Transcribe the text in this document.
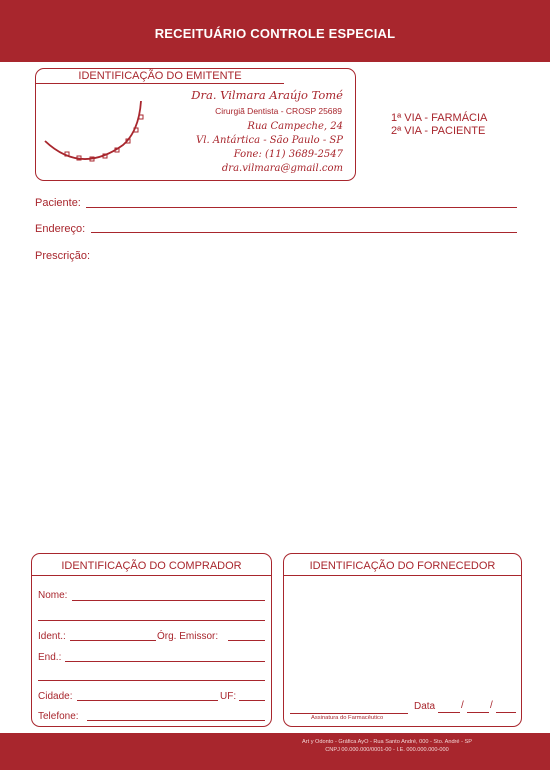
RECEITUÁRIO CONTROLE ESPECIAL
IDENTIFICAÇÃO DO EMITENTE
Dra. Vilmara Araújo Tomé
Cirurgiã Dentista - CROSP 25689
Rua Campeche, 24
Vl. Antártica - São Paulo - SP
Fone: (11) 3689-2547
dra.vilmara@gmail.com
1ª VIA - FARMÁCIA
2ª VIA - PACIENTE
Paciente:
Endereço:
Prescrição:
IDENTIFICAÇÃO DO COMPRADOR
Nome:
Ident.:	Órg. Emissor:
End.:
Cidade:	UF:
Telefone:
IDENTIFICAÇÃO DO FORNECEDOR
Assinatura do Farmacêutico
Data	/	/
Art y Odonto - Gráfica AyO - Rua Santo André, 000 - Sto. André - SP
CNPJ 00.000.000/0001-00 - I.E. 000.000.000-000
